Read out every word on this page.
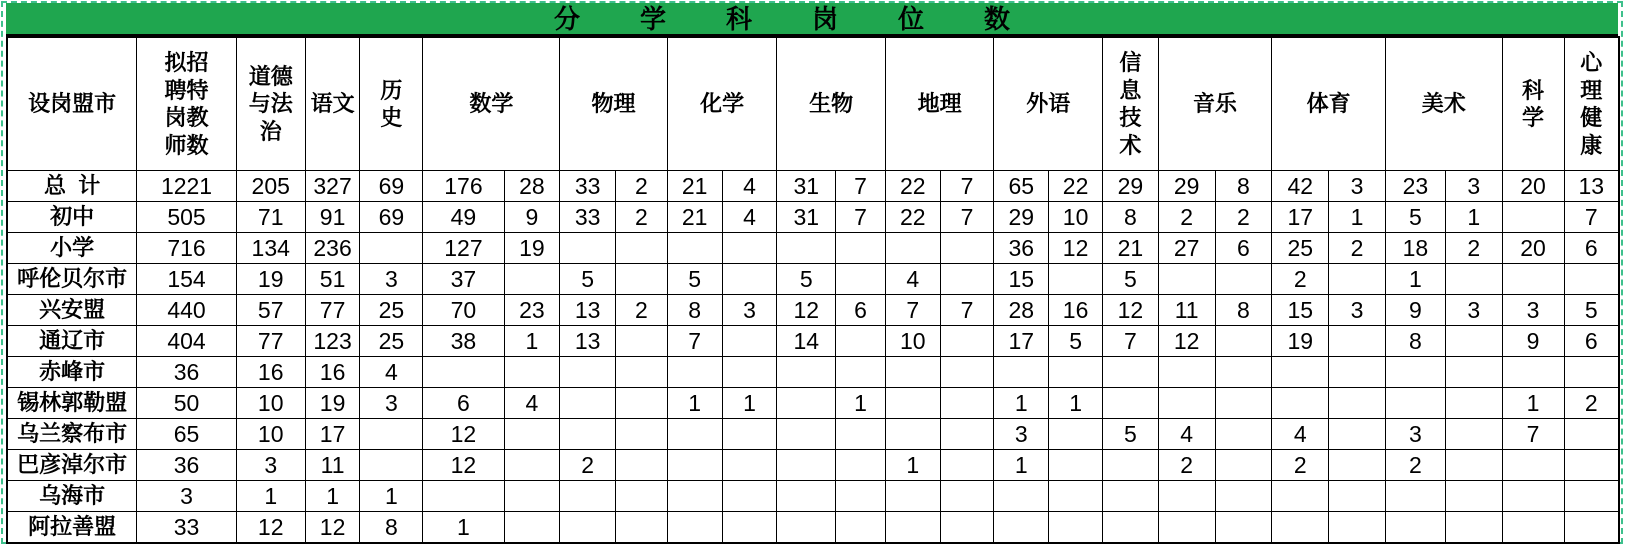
分学科岗位数
设岗盟市	拟招聘特岗教师数	道德与法治	语文	历史	数学		物理		化学		生物		地理		外语		信息技术	音乐		体育		美术		科学	心理健康
总  计	1221	205	327	69	176	28	33	2	21	4	31	7	22	7	65	22	29	29	8	42	3	23	3	20	13
初中	505	71	91	69	49	9	33	2	21	4	31	7	22	7	29	10	8	2	2	17	1	5	1		7
小学	716	134	236		127	19									36	12	21	27	6	25	2	18	2	20	6
呼伦贝尔市	154	19	51	3	37		5		5		5		4		15		5			2		1			
兴安盟	440	57	77	25	70	23	13	2	8	3	12	6	7	7	28	16	12	11	8	15	3	9	3	3	5
通辽市	404	77	123	25	38	1	13		7		14		10		17	5	7	12		19		8		9	6
赤峰市	36	16	16	4																					
锡林郭勒盟	50	10	19	3	6	4			1	1		1			1	1								1	2
乌兰察布市	65	10	17		12										3		5	4		4		3		7	
巴彦淖尔市	36	3	11		12		2						1		1			2		2		2			
乌海市	3	1	1	1																					
阿拉善盟	33	12	12	8	1																				
